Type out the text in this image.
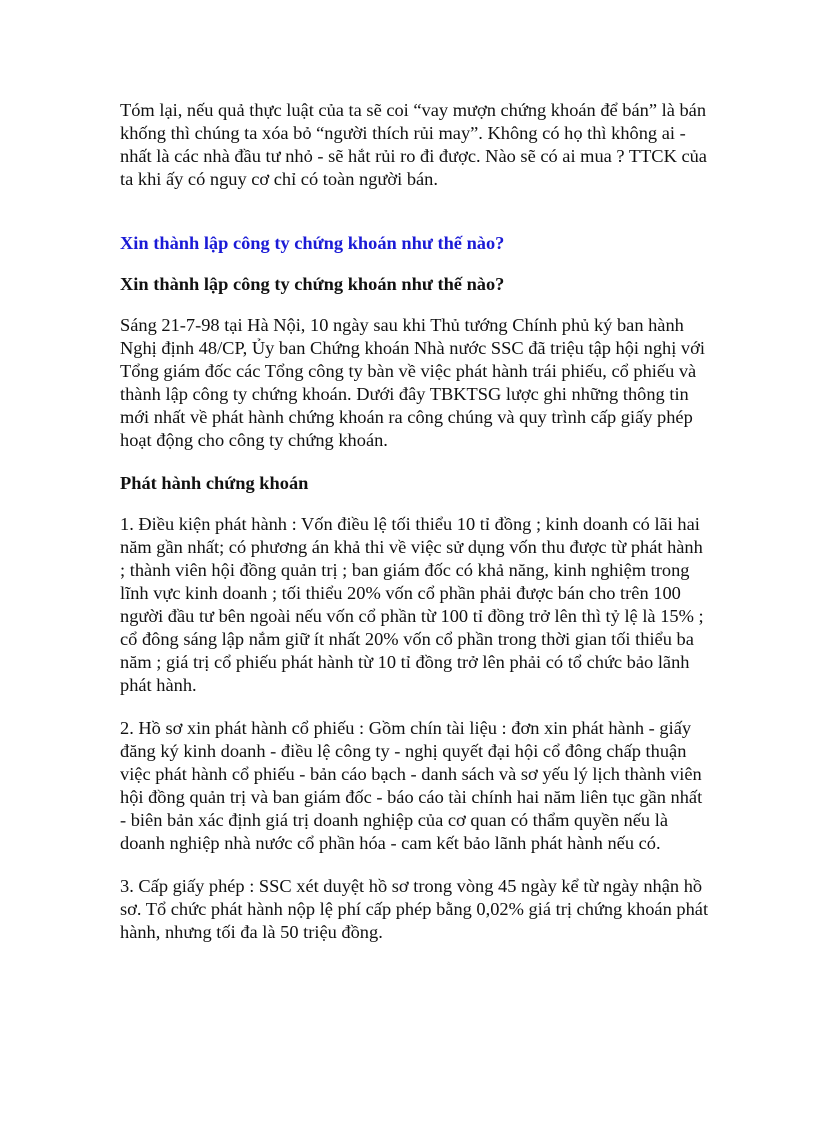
Tóm lại, nếu quả thực luật của ta sẽ coi “vay mượn chứng khoán để bán” là bán khống thì chúng ta xóa bỏ “người thích rủi may”. Không có họ thì không ai - nhất là các nhà đầu tư nhỏ - sẽ hắt rủi ro đi được. Nào sẽ có ai mua ? TTCK của ta khi ấy có nguy cơ chỉ có toàn người bán.

Xin thành lập công ty chứng khoán như thế nào?

Xin thành lập công ty chứng khoán như thế nào?

Sáng 21-7-98 tại Hà Nội, 10 ngày sau khi Thủ tướng Chính phủ ký ban hành Nghị định 48/CP, Ủy ban Chứng khoán Nhà nước SSC đã triệu tập hội nghị với Tổng giám đốc các Tổng công ty bàn về việc phát hành trái phiếu, cổ phiếu và thành lập công ty chứng khoán. Dưới đây TBKTSG lược ghi những thông tin mới nhất về phát hành chứng khoán ra công chúng và quy trình cấp giấy phép hoạt động cho công ty chứng khoán.

Phát hành chứng khoán

1. Điều kiện phát hành : Vốn điều lệ tối thiểu 10 tỉ đồng ; kinh doanh có lãi hai năm gần nhất; có phương án khả thi về việc sử dụng vốn thu được từ phát hành ; thành viên hội đồng quản trị ; ban giám đốc có khả năng, kinh nghiệm trong lĩnh vực kinh doanh ; tối thiểu 20% vốn cổ phần phải được bán cho trên 100 người đầu tư bên ngoài nếu vốn cổ phần từ 100 tỉ đồng trở lên thì tỷ lệ là 15% ; cổ đông sáng lập nắm giữ ít nhất 20% vốn cổ phần trong thời gian tối thiểu ba năm ; giá trị cổ phiếu phát hành từ 10 tỉ đồng trở lên phải có tổ chức bảo lãnh phát hành.

2. Hồ sơ xin phát hành cổ phiếu : Gồm chín tài liệu : đơn xin phát hành - giấy đăng ký kinh doanh - điều lệ công ty - nghị quyết đại hội cổ đông chấp thuận việc phát hành cổ phiếu - bản cáo bạch - danh sách và sơ yếu lý lịch thành viên hội đồng quản trị và ban giám đốc - báo cáo tài chính hai năm liên tục gần nhất - biên bản xác định giá trị doanh nghiệp của cơ quan có thẩm quyền nếu là doanh nghiệp nhà nước cổ phần hóa - cam kết bảo lãnh phát hành nếu có.

3. Cấp giấy phép : SSC xét duyệt hồ sơ trong vòng 45 ngày kể từ ngày nhận hồ sơ. Tổ chức phát hành nộp lệ phí cấp phép bằng 0,02% giá trị chứng khoán phát hành, nhưng tối đa là 50 triệu đồng.
